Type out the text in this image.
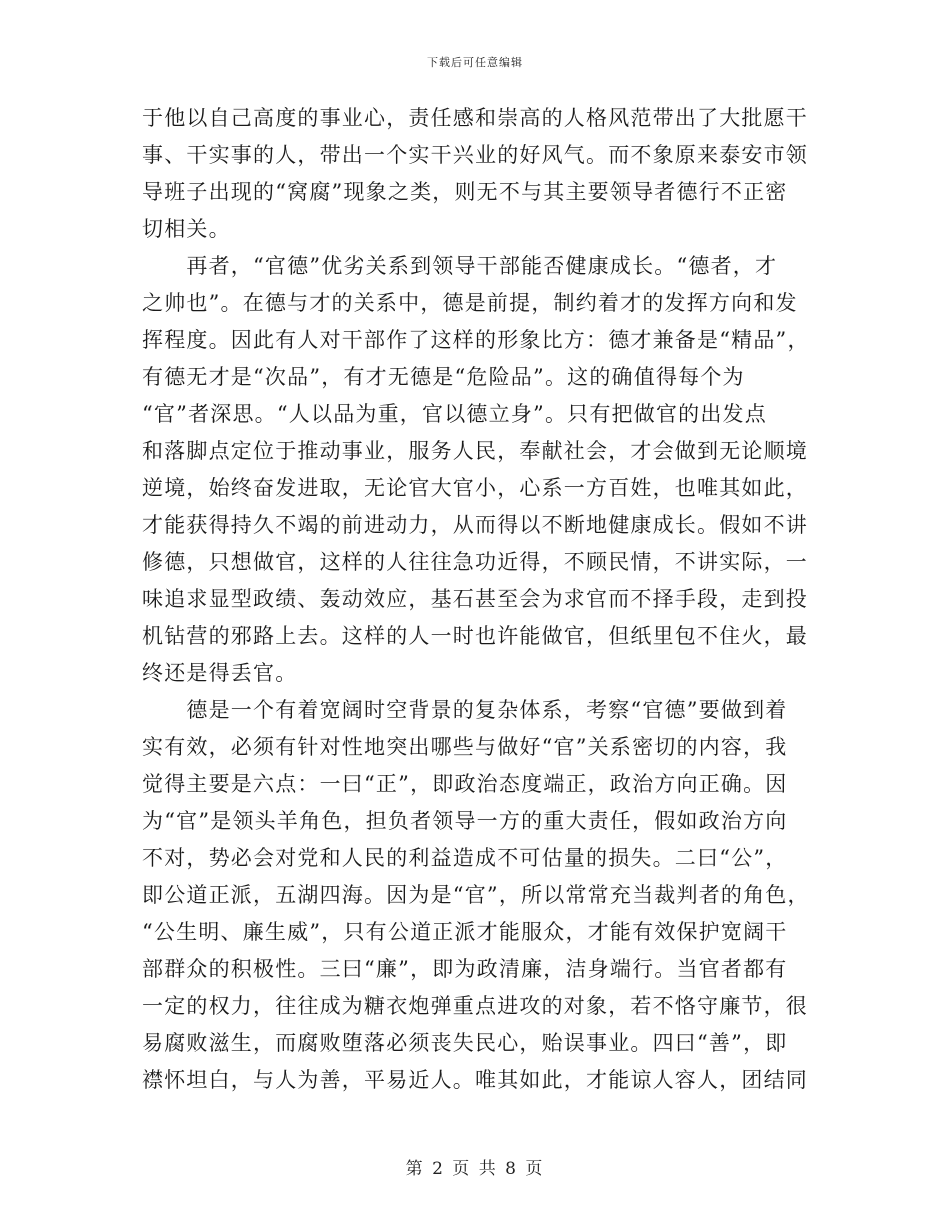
下载后可任意编辑
于他以自己高度的事业心，责任感和崇高的人格风范带出了大批愿干
事、干实事的人，带出一个实干兴业的好风气。而不象原来泰安市领
导班子出现的“窝腐”现象之类，则无不与其主要领导者德行不正密
切相关。
　　再者，“官德”优劣关系到领导干部能否健康成长。“德者，才
之帅也”。在德与才的关系中，德是前提，制约着才的发挥方向和发
挥程度。因此有人对干部作了这样的形象比方：德才兼备是“精品”，
有德无才是“次品”，有才无德是“危险品”。这的确值得每个为
“官”者深思。“人以品为重，官以德立身”。只有把做官的出发点
和落脚点定位于推动事业，服务人民，奉献社会，才会做到无论顺境
逆境，始终奋发进取，无论官大官小，心系一方百姓，也唯其如此，
才能获得持久不竭的前进动力，从而得以不断地健康成长。假如不讲
修德，只想做官，这样的人往往急功近得，不顾民情，不讲实际，一
味追求显型政绩、轰动效应，基石甚至会为求官而不择手段，走到投
机钻营的邪路上去。这样的人一时也许能做官，但纸里包不住火，最
终还是得丢官。
　　德是一个有着宽阔时空背景的复杂体系，考察“官德”要做到着
实有效，必须有针对性地突出哪些与做好“官”关系密切的内容，我
觉得主要是六点：一曰“正”，即政治态度端正，政治方向正确。因
为“官”是领头羊角色，担负者领导一方的重大责任，假如政治方向
不对，势必会对党和人民的利益造成不可估量的损失。二曰“公”，
即公道正派，五湖四海。因为是“官”，所以常常充当裁判者的角色，
“公生明、廉生威”，只有公道正派才能服众，才能有效保护宽阔干
部群众的积极性。三曰“廉”，即为政清廉，洁身端行。当官者都有
一定的权力，往往成为糖衣炮弹重点进攻的对象，若不恪守廉节，很
易腐败滋生，而腐败堕落必须丧失民心，贻误事业。四曰“善”，即
襟怀坦白，与人为善，平易近人。唯其如此，才能谅人容人，团结同
第 2 页 共 8 页
